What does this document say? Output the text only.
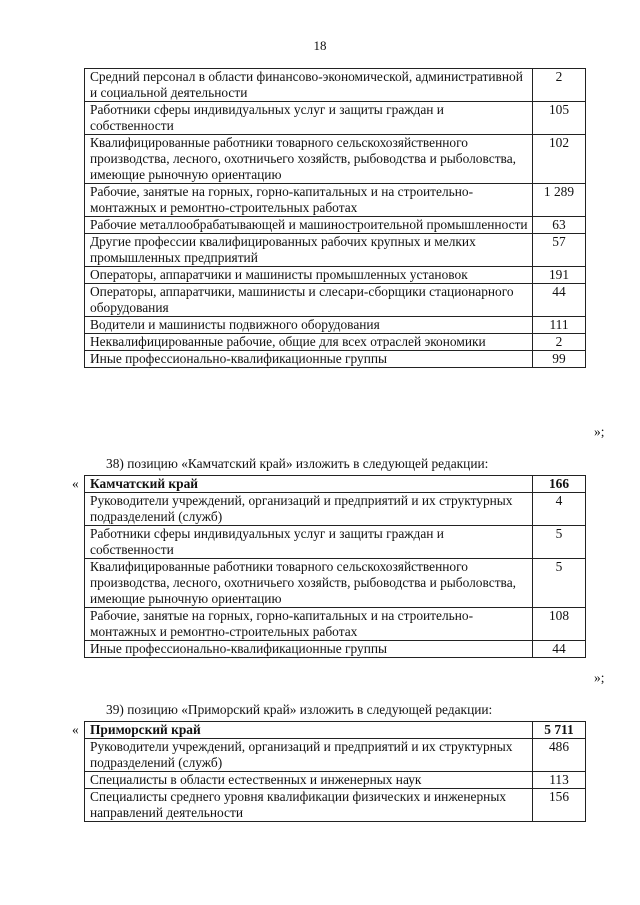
18
Средний персонал в области финансово-экономической, административной и социальной деятельности	2
Работники сферы индивидуальных услуг и защиты граждан и собственности	105
Квалифицированные работники товарного сельскохозяйственного производства, лесного, охотничьего хозяйств, рыбоводства и рыболовства, имеющие рыночную ориентацию	102
Рабочие, занятые на горных, горно-капитальных и на строительно-монтажных и ремонтно-строительных работах	1 289
Рабочие металлообрабатывающей и машиностроительной промышленности	63
Другие профессии квалифицированных рабочих крупных и мелких промышленных предприятий	57
Операторы, аппаратчики и машинисты промышленных установок	191
Операторы, аппаратчики, машинисты и слесари-сборщики стационарного оборудования	44
Водители и машинисты подвижного оборудования	111
Неквалифицированные рабочие, общие для всех отраслей экономики	2
Иные профессионально-квалификационные группы	99
»;
38) позицию «Камчатский край» изложить в следующей редакции:
« Камчатский край	166
Руководители учреждений, организаций и предприятий и их структурных подразделений (служб)	4
Работники сферы индивидуальных услуг и защиты граждан и собственности	5
Квалифицированные работники товарного сельскохозяйственного производства, лесного, охотничьего хозяйств, рыбоводства и рыболовства, имеющие рыночную ориентацию	5
Рабочие, занятые на горных, горно-капитальных и на строительно-монтажных и ремонтно-строительных работах	108
Иные профессионально-квалификационные группы	44
»;
39) позицию «Приморский край» изложить в следующей редакции:
« Приморский край	5 711
Руководители учреждений, организаций и предприятий и их структурных подразделений (служб)	486
Специалисты в области естественных и инженерных наук	113
Специалисты среднего уровня квалификации физических и инженерных направлений деятельности	156
